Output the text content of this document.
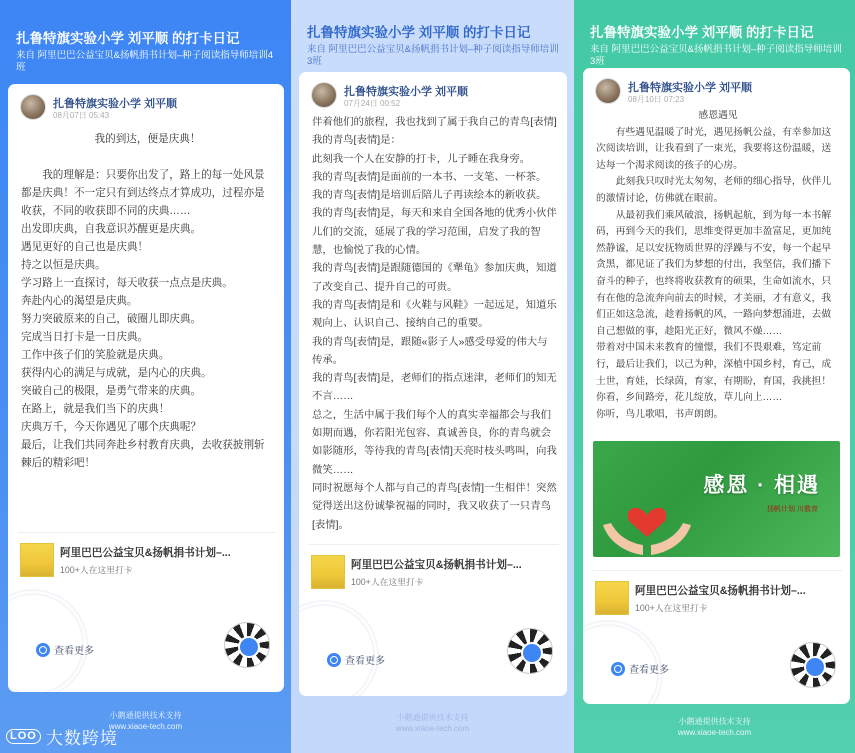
扎鲁特旗实验小学 刘平顺 的打卡日记
来自 阿里巴巴公益宝贝&扬帆捐书计划–种子阅读指导师培训4班
扎鲁特旗实验小学 刘平顺
08月07日 05:43

我的到达，便是庆典！

我的理解是：只要你出发了，路上的每一处风景都是庆典！不一定只有到达终点才算成功，过程亦是收获，不同的收获即不同的庆典……

出发即庆典，自我意识苏醒更是庆典。

遇见更好的自己也是庆典！

持之以恒是庆典。

学习路上一直探讨，每天收获一点点是庆典。

奔赴内心的渴望是庆典。

努力突破原来的自己，破圈儿即庆典。

完成当日打卡是一日庆典。

工作中孩子们的笑脸就是庆典。

获得内心的满足与成就，是内心的庆典。

突破自己的极限，是勇气带来的庆典。

在路上，就是我们当下的庆典！

庆典万千，今天你遇见了哪个庆典呢？

最后，让我们共同奔赴乡村教育庆典，去收获披荆斩棘后的精彩吧！

阿里巴巴公益宝贝&扬帆捐书计划–...
100+人在这里打卡
查看更多
小鹅通提供技术支持
www.xiaoe-tech.com
LOO 大数跨境
扎鲁特旗实验小学 刘平顺 的打卡日记
来自 阿里巴巴公益宝贝&扬帆捐书计划–种子阅读指导师培训3班
扎鲁特旗实验小学 刘平顺
07月24日 00:52

伴着他们的旅程，我也找到了属于我自己的青鸟[表情]

我的青鸟[表情]是：

此刻我一个人在安静的打卡，儿子睡在我身旁。

我的青鸟[表情]是面前的一本书、一支笔、一杯茶。

我的青鸟[表情]是培训后陪儿子再读绘本的新收获。

我的青鸟[表情]是，每天和来自全国各地的优秀小伙伴儿们的交流，延展了我的学习范围，启发了我的智慧，也愉悦了我的心情。

我的青鸟[表情]是跟随德国的《犟龟》参加庆典，知道了改变自己、提升自己的可贵。

我的青鸟[表情]是和《火鞋与风鞋》一起远足，知道乐观向上、认识自己、接纳自己的重要。

我的青鸟[表情]是，跟随«影子人»感受母爱的伟大与传承。

我的青鸟[表情]是，老师们的指点迷津，老师们的知无不言……

总之，生活中属于我们每个人的真实幸福都会与我们如期而遇，你若阳光包容、真诚善良，你的青鸟就会如影随形，等待我的青鸟[表情]天亮时枝头鸣叫，向我微笑……

同时祝愿每个人都与自己的青鸟[表情]一生相伴！突然觉得送出这份诚挚祝福的同时，我又收获了一只青鸟[表情]。

阿里巴巴公益宝贝&扬帆捐书计划–...
100+人在这里打卡
查看更多
小鹅通提供技术支持
www.xiaoe-tech.com
扎鲁特旗实验小学 刘平顺 的打卡日记
来自 阿里巴巴公益宝贝&扬帆捐书计划–种子阅读指导师培训3班
扎鲁特旗实验小学 刘平顺
08月10日 07:23

感恩遇见

有些遇见温暖了时光，遇见扬帆公益，有幸参加这次阅读培训，让我看到了一束光，我要将这份温暖，送达每一个渴求阅读的孩子的心房。

此刻我只叹时光太匆匆，老师的细心指导，伙伴儿的激情讨论，仿佛就在眼前。

从最初我们乘风破浪，扬帆起航，到为每一本书解码，再到今天的我们，思维变得更加丰盈富足，更加纯然静谧，足以安抚物质世界的浮躁与不安，每一个起早贪黑，都见证了我们为梦想的付出，我坚信，我们播下奋斗的种子，也终将收获教育的硕果，生命如流水，只有在他的急流奔向前去的时候，才美丽，才有意义，我们正如这急流，趁着扬帆的风，一路向梦想涌进，去做自己想做的事，趁阳光正好，微风不燥……

带着对中国未来教育的憧憬，我们不畏艰难，笃定前行，最后让我们，以己为种，深植中国乡村，育己，成土世，育娃，长绿茵，育家，有期盼，育国，我挑担！

你看，乡间路旁，花儿绽放，草儿向上……

你听，鸟儿歌唱，书声朗朗。

感恩 · 相遇
扬帆计划 川教育
阿里巴巴公益宝贝&扬帆捐书计划–...
100+人在这里打卡
查看更多
小鹅通提供技术支持
www.xiaoe-tech.com
